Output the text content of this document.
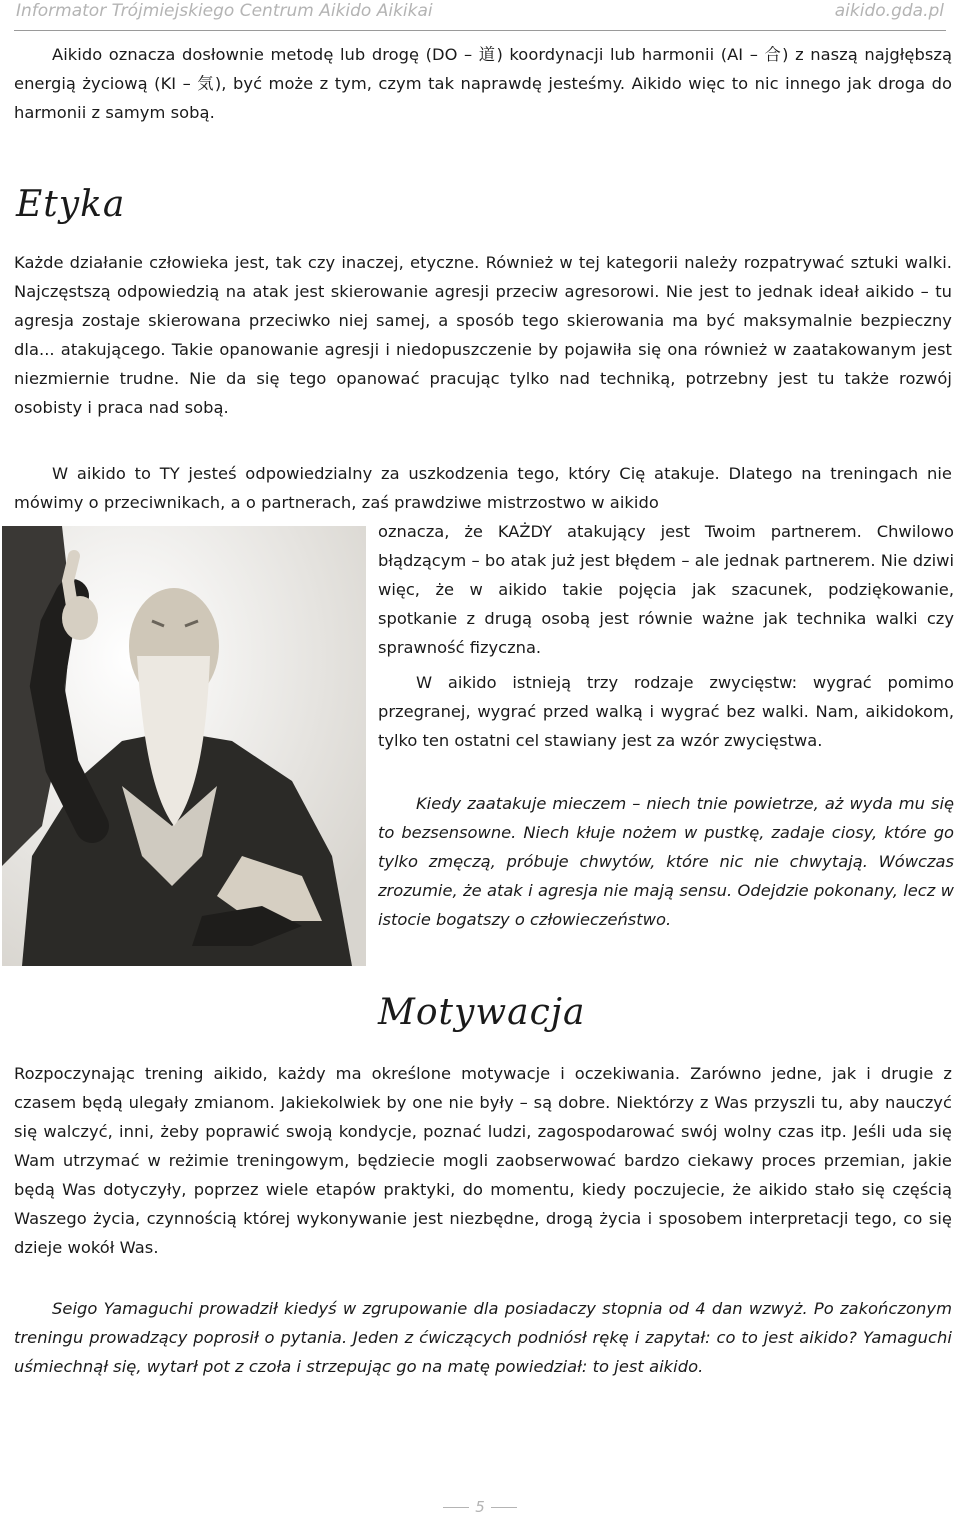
Informator Trójmiejskiego Centrum Aikido Aikikai	aikido.gda.pl

Aikido oznacza dosłownie metodę lub drogę (DO – 道) koordynacji lub harmonii (AI – 合) z naszą najgłębszą energią życiową (KI – 気), być może z tym, czym tak naprawdę jesteśmy. Aikido więc to nic innego jak droga do harmonii z samym sobą.

Etyka

Każde działanie człowieka jest, tak czy inaczej, etyczne. Również w tej kategorii należy rozpatrywać sztuki walki. Najczęstszą odpowiedzią na atak jest skierowanie agresji przeciw agresorowi. Nie jest to jednak ideał aikido – tu agresja zostaje skierowana przeciwko niej samej, a sposób tego skierowania ma być maksymalnie bezpieczny dla... atakującego. Takie opanowanie agresji i niedopuszczenie by pojawiła się ona również w zaatakowanym jest niezmiernie trudne. Nie da się tego opanować pracując tylko nad techniką, potrzebny jest tu także rozwój osobisty i praca nad sobą.

W aikido to TY jesteś odpowiedzialny za uszkodzenia tego, który Cię atakuje. Dlatego na treningach nie mówimy o przeciwnikach, a o partnerach, zaś prawdziwe mistrzostwo w aikido

oznacza, że KAŻDY atakujący jest Twoim partnerem. Chwilowo błądzącym – bo atak już jest błędem – ale jednak partnerem. Nie dziwi więc, że w aikido takie pojęcia jak szacunek, podziękowanie, spotkanie z drugą osobą jest równie ważne jak technika walki czy sprawność fizyczna.

W aikido istnieją trzy rodzaje zwycięstw: wygrać pomimo przegranej, wygrać przed walką i wygrać bez walki. Nam, aikidokom, tylko ten ostatni cel stawiany jest za wzór zwycięstwa.

Kiedy zaatakuje mieczem – niech tnie powietrze, aż wyda mu się to bezsensowne. Niech kłuje nożem w pustkę, zadaje ciosy, które go tylko zmęczą, próbuje chwytów, które nic nie chwytają. Wówczas zrozumie, że atak i agresja nie mają sensu. Odejdzie pokonany, lecz w istocie bogatszy o człowieczeństwo.

Motywacja

Rozpoczynając trening aikido, każdy ma określone motywacje i oczekiwania. Zarówno jedne, jak i drugie z czasem będą ulegały zmianom. Jakiekolwiek by one nie były – są dobre. Niektórzy z Was przyszli tu, aby nauczyć się walczyć, inni, żeby poprawić swoją kondycje, poznać ludzi, zagospodarować swój wolny czas itp. Jeśli uda się Wam utrzymać w reżimie treningowym, będziecie mogli zaobserwować bardzo ciekawy proces przemian, jakie będą Was dotyczyły, poprzez wiele etapów praktyki, do momentu, kiedy poczujecie, że aikido stało się częścią Waszego życia, czynnością której wykonywanie jest niezbędne, drogą życia i sposobem interpretacji tego, co się dzieje wokół Was.

Seigo Yamaguchi prowadził kiedyś w zgrupowanie dla posiadaczy stopnia od 4 dan wzwyż. Po zakończonym treningu prowadzący poprosił o pytania. Jeden z ćwiczących podniósł rękę i zapytał: co to jest aikido? Yamaguchi uśmiechnął się, wytarł pot z czoła i strzepując go na matę powiedział: to jest aikido.

5
